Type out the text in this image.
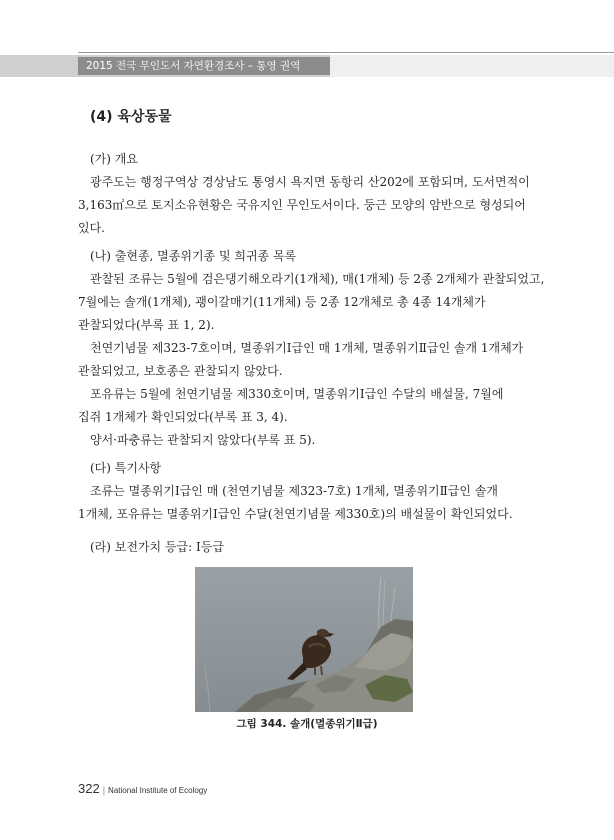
2015 전국 무인도서 자연환경조사 – 통영 권역
(4) 육상동물
(가) 개요
광주도는 행정구역상 경상남도 통영시 욕지면 동항리 산202에 포함되며, 도서면적이
3,163㎡으로 토지소유현황은 국유지인 무인도서이다. 둥근 모양의 암반으로 형성되어
있다.
(나) 출현종, 멸종위기종 및 희귀종 목록
관찰된 조류는 5월에 검은댕기해오라기(1개체), 매(1개체) 등 2종 2개체가 관찰되었고,
7월에는 솔개(1개체), 괭이갈매기(11개체) 등 2종 12개체로 총 4종 14개체가
관찰되었다(부록 표 1, 2).
천연기념물 제323-7호이며, 멸종위기Ⅰ급인 매 1개체, 멸종위기Ⅱ급인 솔개 1개체가
관찰되었고, 보호종은 관찰되지 않았다.
포유류는 5월에 천연기념물 제330호이며, 멸종위기Ⅰ급인 수달의 배설물, 7월에
집쥐 1개체가 확인되었다(부록 표 3, 4).
양서·파충류는 관찰되지 않았다(부록 표 5).
(다) 특기사항
조류는 멸종위기Ⅰ급인 매 (천연기념물 제323-7호) 1개체, 멸종위기Ⅱ급인 솔개
1개체, 포유류는 멸종위기Ⅰ급인 수달(천연기념물 제330호)의 배설물이 확인되었다.
(라) 보전가치 등급: Ⅰ등급
그림 344. 솔개(멸종위기Ⅱ급)
322 | National Institute of Ecology
